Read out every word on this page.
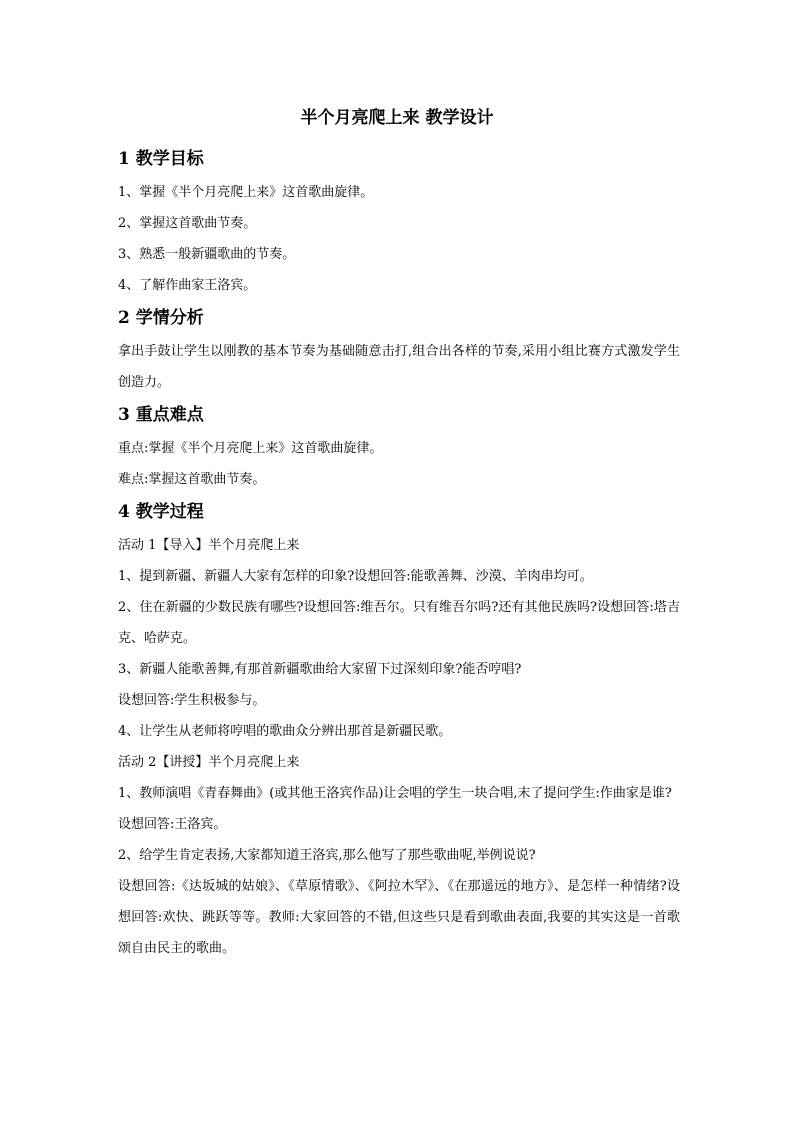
半个月亮爬上来 教学设计
1 教学目标

1、掌握《半个月亮爬上来》这首歌曲旋律。

2、掌握这首歌曲节奏。

3、熟悉一般新疆歌曲的节奏。

4、了解作曲家王洛宾。

2 学情分析

拿出手鼓让学生以刚教的基本节奏为基础随意击打,组合出各样的节奏,采用小组比赛方式激发学生创造力。

3 重点难点

重点:掌握《半个月亮爬上来》这首歌曲旋律。

难点:掌握这首歌曲节奏。

4 教学过程

活动 1【导入】半个月亮爬上来

1、提到新疆、新疆人大家有怎样的印象?设想回答:能歌善舞、沙漠、羊肉串均可。

2、住在新疆的少数民族有哪些?设想回答:维吾尔。只有维吾尔吗?还有其他民族吗?设想回答:塔吉克、哈萨克。

3、新疆人能歌善舞,有那首新疆歌曲给大家留下过深刻印象?能否哼唱?

设想回答:学生积极参与。

4、让学生从老师将哼唱的歌曲众分辨出那首是新疆民歌。

活动 2【讲授】半个月亮爬上来

1、教师演唱《青春舞曲》(或其他王洛宾作品)让会唱的学生一块合唱,末了提问学生:作曲家是谁?

设想回答:王洛宾。

2、给学生肯定表扬,大家都知道王洛宾,那么他写了那些歌曲呢,举例说说?

设想回答:《达坂城的姑娘》、《草原情歌》、《阿拉木罕》、《在那遥远的地方》、是怎样一种情绪?设想回答:欢快、跳跃等等。教师:大家回答的不错,但这些只是看到歌曲表面,我要的其实这是一首歌颂自由民主的歌曲。
